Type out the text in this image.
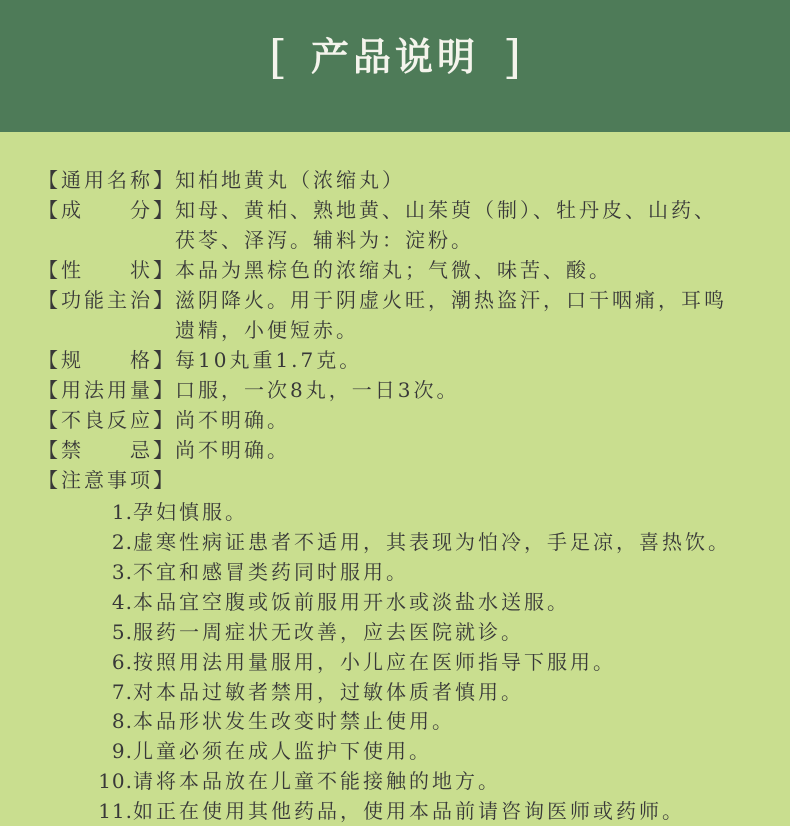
[ 产品说明 ]
【通用名称】 知柏地黄丸（浓缩丸）
【成　　分】 知母、黄柏、熟地黄、山茱萸（制）、牡丹皮、山药、
茯苓、泽泻。辅料为：淀粉。
【性　　状】 本品为黑棕色的浓缩丸；气微、味苦、酸。
【功能主治】 滋阴降火。用于阴虚火旺，潮热盗汗，口干咽痛，耳鸣
遗精，小便短赤。
【规　　格】 每10丸重1.7克。
【用法用量】 口服，一次8丸，一日3次。
【不良反应】 尚不明确。
【禁　　忌】 尚不明确。
【注意事项】
1. 孕妇慎服。
2. 虚寒性病证患者不适用，其表现为怕冷，手足凉，喜热饮。
3. 不宜和感冒类药同时服用。
4. 本品宜空腹或饭前服用开水或淡盐水送服。
5. 服药一周症状无改善，应去医院就诊。
6. 按照用法用量服用，小儿应在医师指导下服用。
7. 对本品过敏者禁用，过敏体质者慎用。
8. 本品形状发生改变时禁止使用。
9. 儿童必须在成人监护下使用。
10. 请将本品放在儿童不能接触的地方。
11. 如正在使用其他药品，使用本品前请咨询医师或药师。
